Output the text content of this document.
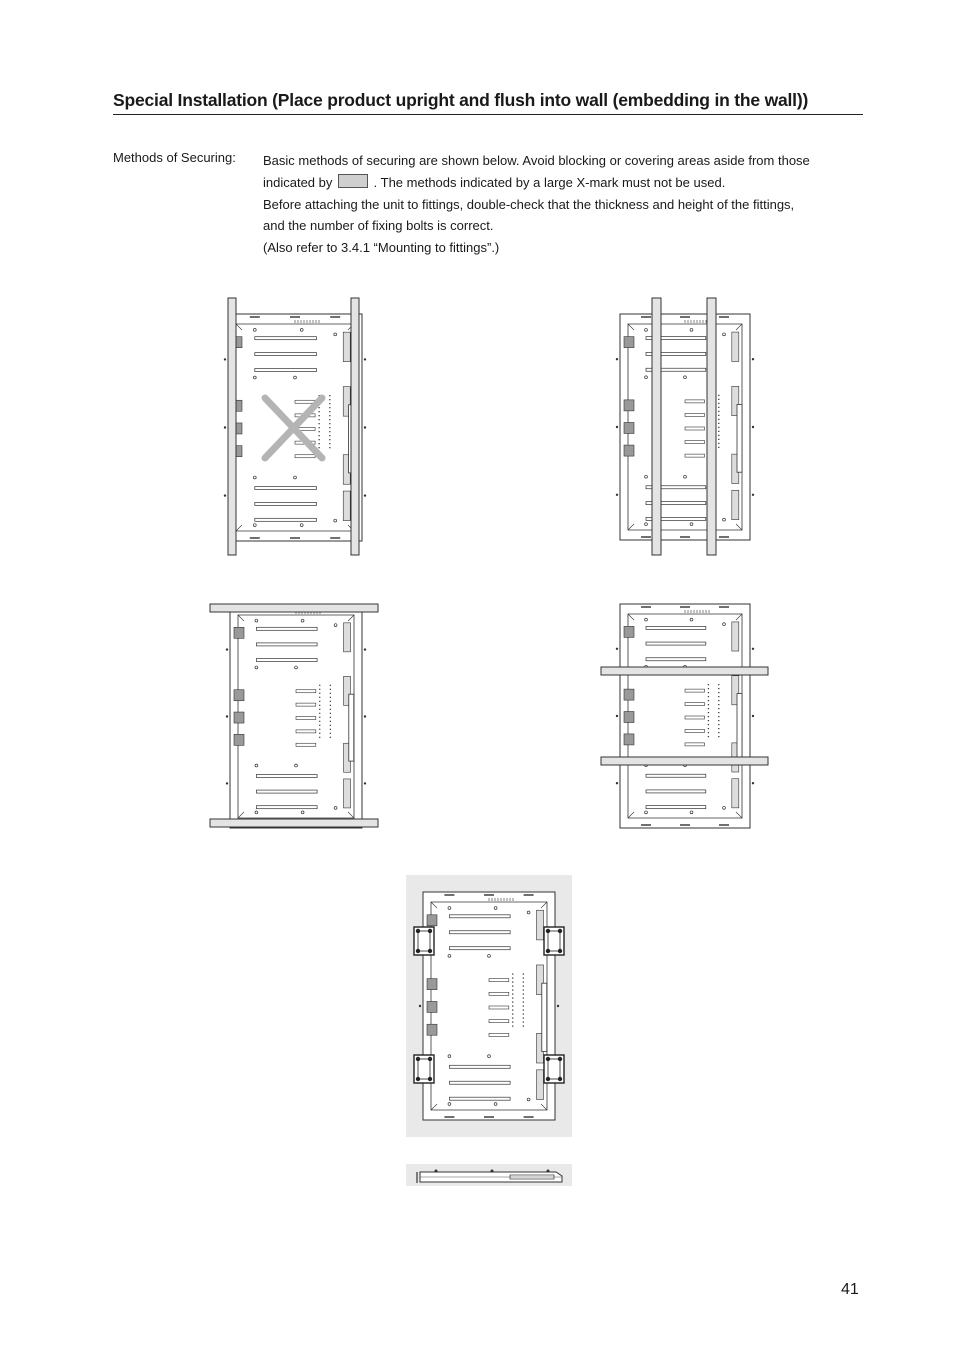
Special Installation (Place product upright and flush into wall (embedding in the wall))
Methods of Securing: Basic methods of securing are shown below. Avoid blocking or covering areas aside from those

indicated by	. The methods indicated by a large X-mark must not be used.

Before attaching the unit to fittings, double-check that the thickness and height of the fittings,

and the number of fixing bolts is correct.

(Also refer to 3.4.1 “Mounting to fittings”.)

41
